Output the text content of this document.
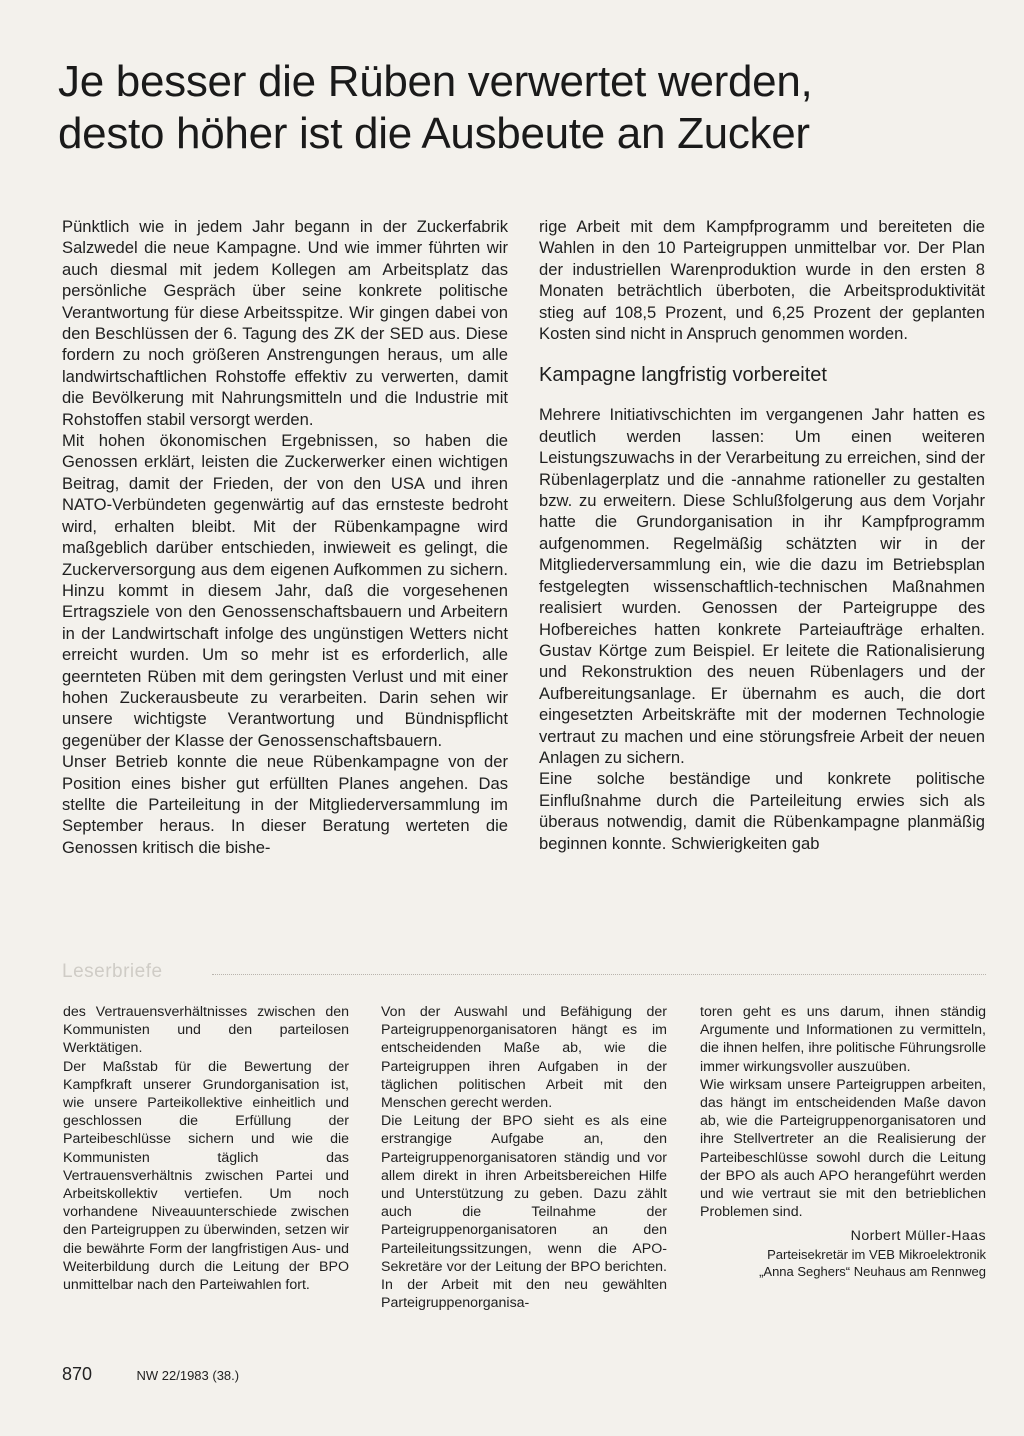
Je besser die Rüben verwertet werden,
desto höher ist die Ausbeute an Zucker

Pünktlich wie in jedem Jahr begann in der Zuckerfabrik Salzwedel die neue Kampagne. Und wie immer führten wir auch diesmal mit jedem Kollegen am Arbeitsplatz das persönliche Gespräch über seine konkrete politische Verantwortung für diese Arbeitsspitze. Wir gingen dabei von den Beschlüssen der 6. Tagung des ZK der SED aus. Diese fordern zu noch größeren Anstrengungen heraus, um alle landwirtschaftlichen Rohstoffe effektiv zu verwerten, damit die Bevölkerung mit Nahrungsmitteln und die Industrie mit Rohstoffen stabil versorgt werden.

Mit hohen ökonomischen Ergebnissen, so haben die Genossen erklärt, leisten die Zuckerwerker einen wichtigen Beitrag, damit der Frieden, der von den USA und ihren NATO-Verbündeten gegenwärtig auf das ernsteste bedroht wird, erhalten bleibt. Mit der Rübenkampagne wird maßgeblich darüber entschieden, inwieweit es gelingt, die Zuckerversorgung aus dem eigenen Aufkommen zu sichern. Hinzu kommt in diesem Jahr, daß die vorgesehenen Ertragsziele von den Genossenschaftsbauern und Arbeitern in der Landwirtschaft infolge des ungünstigen Wetters nicht erreicht wurden. Um so mehr ist es erforderlich, alle geernteten Rüben mit dem geringsten Verlust und mit einer hohen Zuckerausbeute zu verarbeiten. Darin sehen wir unsere wichtigste Verantwortung und Bündnispflicht gegenüber der Klasse der Genossenschaftsbauern.

Unser Betrieb konnte die neue Rübenkampagne von der Position eines bisher gut erfüllten Planes angehen. Das stellte die Parteileitung in der Mitgliederversammlung im September heraus. In dieser Beratung werteten die Genossen kritisch die bishe-

rige Arbeit mit dem Kampfprogramm und bereiteten die Wahlen in den 10 Parteigruppen unmittelbar vor. Der Plan der industriellen Warenproduktion wurde in den ersten 8 Monaten beträchtlich überboten, die Arbeitsproduktivität stieg auf 108,5 Prozent, und 6,25 Prozent der geplanten Kosten sind nicht in Anspruch genommen worden.

Kampagne langfristig vorbereitet

Mehrere Initiativschichten im vergangenen Jahr hatten es deutlich werden lassen: Um einen weiteren Leistungszuwachs in der Verarbeitung zu erreichen, sind der Rübenlagerplatz und die -annahme rationeller zu gestalten bzw. zu erweitern. Diese Schlußfolgerung aus dem Vorjahr hatte die Grundorganisation in ihr Kampfprogramm aufgenommen. Regelmäßig schätzten wir in der Mitgliederversammlung ein, wie die dazu im Betriebsplan festgelegten wissenschaftlich-technischen Maßnahmen realisiert wurden. Genossen der Parteigruppe des Hofbereiches hatten konkrete Parteiaufträge erhalten. Gustav Körtge zum Beispiel. Er leitete die Rationalisierung und Rekonstruktion des neuen Rübenlagers und der Aufbereitungsanlage. Er übernahm es auch, die dort eingesetzten Arbeitskräfte mit der modernen Technologie vertraut zu machen und eine störungsfreie Arbeit der neuen Anlagen zu sichern.

Eine solche beständige und konkrete politische Einflußnahme durch die Parteileitung erwies sich als überaus notwendig, damit die Rübenkampagne planmäßig beginnen konnte. Schwierigkeiten gab

Leserbriefe

des Vertrauensverhältnisses zwischen den Kommunisten und den parteilosen Werktätigen.

Der Maßstab für die Bewertung der Kampfkraft unserer Grundorganisation ist, wie unsere Parteikollektive einheitlich und geschlossen die Erfüllung der Parteibeschlüsse sichern und wie die Kommunisten täglich das Vertrauensverhältnis zwischen Partei und Arbeitskollektiv vertiefen. Um noch vorhandene Niveauunterschiede zwischen den Parteigruppen zu überwinden, setzen wir die bewährte Form der langfristigen Aus- und Weiterbildung durch die Leitung der BPO unmittelbar nach den Parteiwahlen fort.

Von der Auswahl und Befähigung der Parteigruppenorganisatoren hängt es im entscheidenden Maße ab, wie die Parteigruppen ihren Aufgaben in der täglichen politischen Arbeit mit den Menschen gerecht werden.

Die Leitung der BPO sieht es als eine erstrangige Aufgabe an, den Parteigruppenorganisatoren ständig und vor allem direkt in ihren Arbeitsbereichen Hilfe und Unterstützung zu geben. Dazu zählt auch die Teilnahme der Parteigruppenorganisatoren an den Parteileitungssitzungen, wenn die APO-Sekretäre vor der Leitung der BPO berichten. In der Arbeit mit den neu gewählten Parteigruppenorganisa-

toren geht es uns darum, ihnen ständig Argumente und Informationen zu vermitteln, die ihnen helfen, ihre politische Führungsrolle immer wirkungsvoller auszuüben.

Wie wirksam unsere Parteigruppen arbeiten, das hängt im entscheidenden Maße davon ab, wie die Parteigruppenorganisatoren und ihre Stellvertreter an die Realisierung der Parteibeschlüsse sowohl durch die Leitung der BPO als auch APO herangeführt werden und wie vertraut sie mit den betrieblichen Problemen sind.

Norbert Müller-Haas

Parteisekretär im VEB Mikroelektronik

„Anna Seghers“ Neuhaus am Rennweg

870	NW 22/1983 (38.)
